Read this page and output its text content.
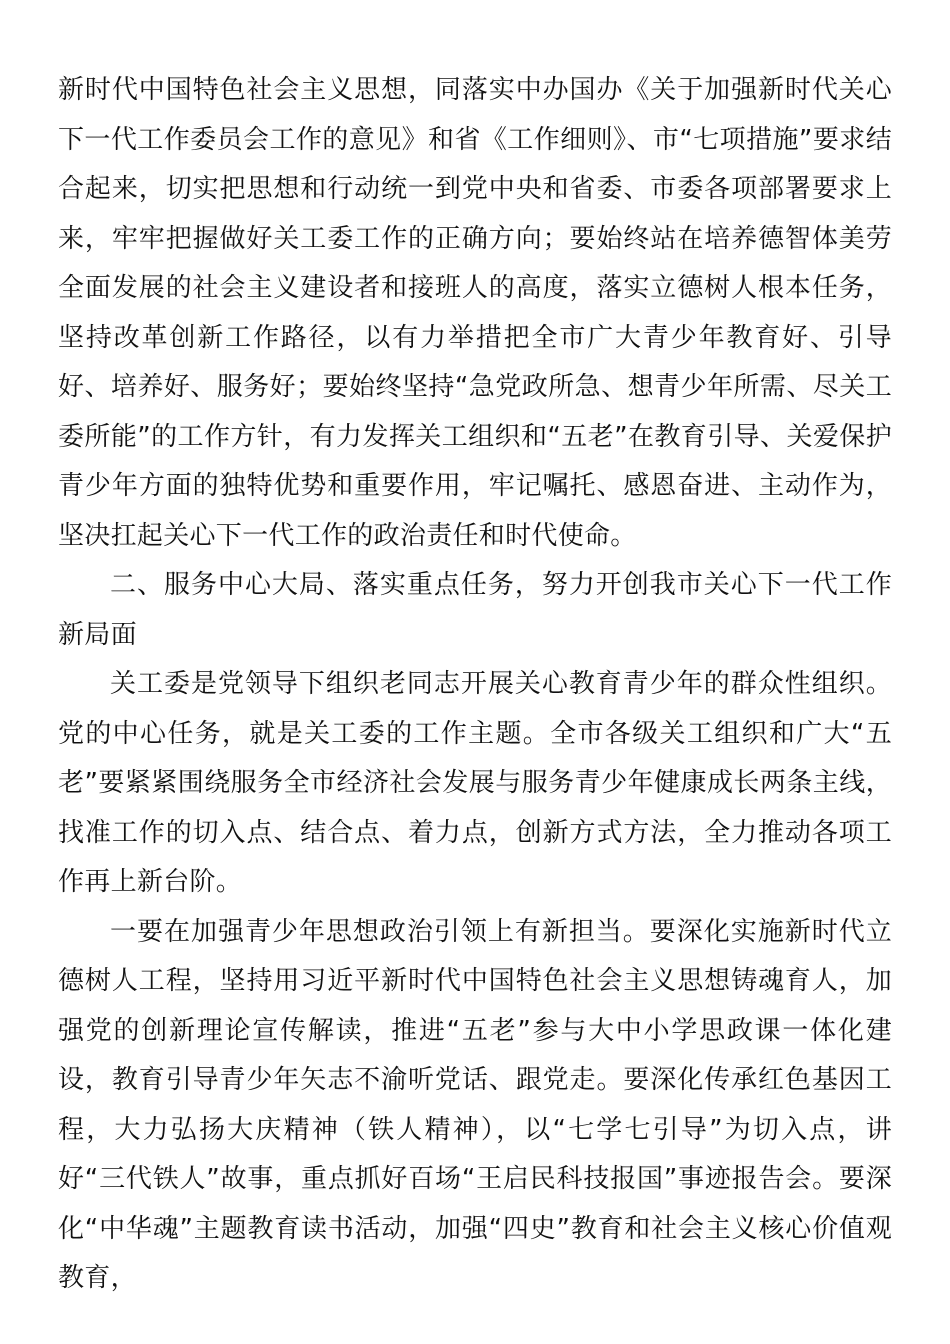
新时代中国特色社会主义思想，同落实中办国办《关于加强新时代关心下一代工作委员会工作的意见》和省《工作细则》、市“七项措施”要求结合起来，切实把思想和行动统一到党中央和省委、市委各项部署要求上来，牢牢把握做好关工委工作的正确方向；要始终站在培养德智体美劳全面发展的社会主义建设者和接班人的高度，落实立德树人根本任务，坚持改革创新工作路径，以有力举措把全市广大青少年教育好、引导好、培养好、服务好；要始终坚持“急党政所急、想青少年所需、尽关工委所能”的工作方针，有力发挥关工组织和“五老”在教育引导、关爱保护青少年方面的独特优势和重要作用，牢记嘱托、感恩奋进、主动作为，坚决扛起关心下一代工作的政治责任和时代使命。

二、服务中心大局、落实重点任务，努力开创我市关心下一代工作新局面

关工委是党领导下组织老同志开展关心教育青少年的群众性组织。党的中心任务，就是关工委的工作主题。全市各级关工组织和广大“五老”要紧紧围绕服务全市经济社会发展与服务青少年健康成长两条主线，找准工作的切入点、结合点、着力点，创新方式方法，全力推动各项工作再上新台阶。

一要在加强青少年思想政治引领上有新担当。要深化实施新时代立德树人工程，坚持用习近平新时代中国特色社会主义思想铸魂育人，加强党的创新理论宣传解读，推进“五老”参与大中小学思政课一体化建设，教育引导青少年矢志不渝听党话、跟党走。要深化传承红色基因工程，大力弘扬大庆精神（铁人精神），以“七学七引导”为切入点，讲好“三代铁人”故事，重点抓好百场“王启民科技报国”事迹报告会。要深化“中华魂”主题教育读书活动，加强“四史”教育和社会主义核心价值观教育，
